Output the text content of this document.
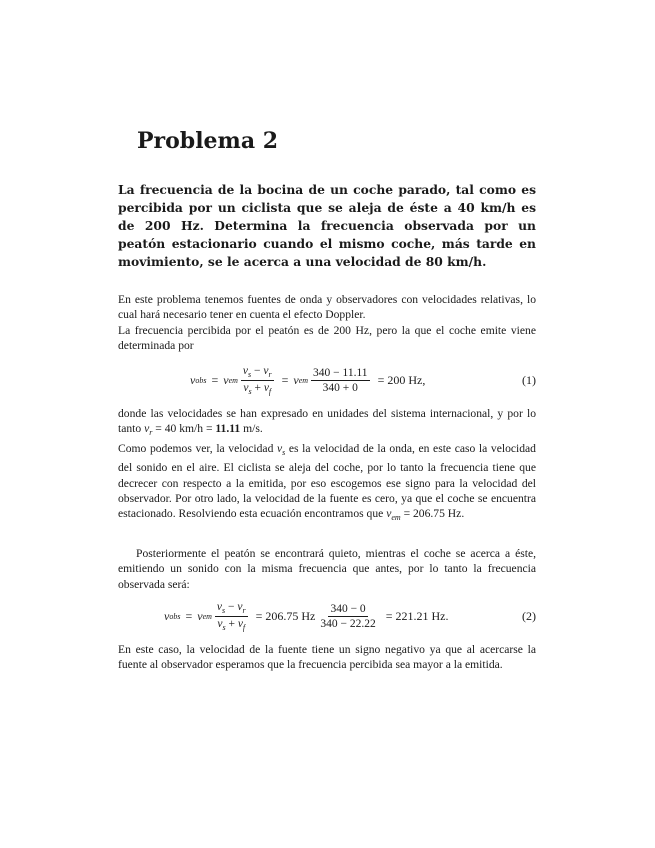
Problema 2
La frecuencia de la bocina de un coche parado, tal como es percibida por un ciclista que se aleja de éste a 40 km/h es de 200 Hz. Determina la frecuencia observada por un peatón estacionario cuando el mismo coche, más tarde en movimiento, se le acerca a una velocidad de 80 km/h.

En este problema tenemos fuentes de onda y observadores con velocidades relativas, lo cual hará necesario tener en cuenta el efecto Doppler.

La frecuencia percibida por el peatón es de 200 Hz, pero la que el coche emite viene determinada por

ν obs = ν em $\frac{v_s - v_r}{v_s + v_f} = \nu$ em $\frac{340 - 11.11}{340 + 0} = 200$ Hz,	(1)

donde las velocidades se han expresado en unidades del sistema internacional, y por lo tanto $v_r = 40$ km/h = 11.11 m/s.

Como podemos ver, la velocidad $v_s$ es la velocidad de la onda, en este caso la velocidad del sonido en el aire. El ciclista se aleja del coche, por lo tanto la frecuencia tiene que decrecer con respecto a la emitida, por eso escogemos ese signo para la velocidad del observador. Por otro lado, la velocidad de la fuente es cero, ya que el coche se encuentra estacionado. Resolviendo esta ecuación encontramos que $\nu_{em} = 206.75$ Hz.

Posteriormente el peatón se encontrará quieto, mientras el coche se acerca a éste, emitiendo un sonido con la misma frecuencia que antes, por lo tanto la frecuencia observada será:

ν obs = ν em $\frac{v_s - v_r}{v_s + v_f} = 206.75$ Hz $\frac{340 - 0}{340 - 22.22} = 221.21$ Hz.	(2)

En este caso, la velocidad de la fuente tiene un signo negativo ya que al acercarse la fuente al observador esperamos que la frecuencia percibida sea mayor a la emitida.
